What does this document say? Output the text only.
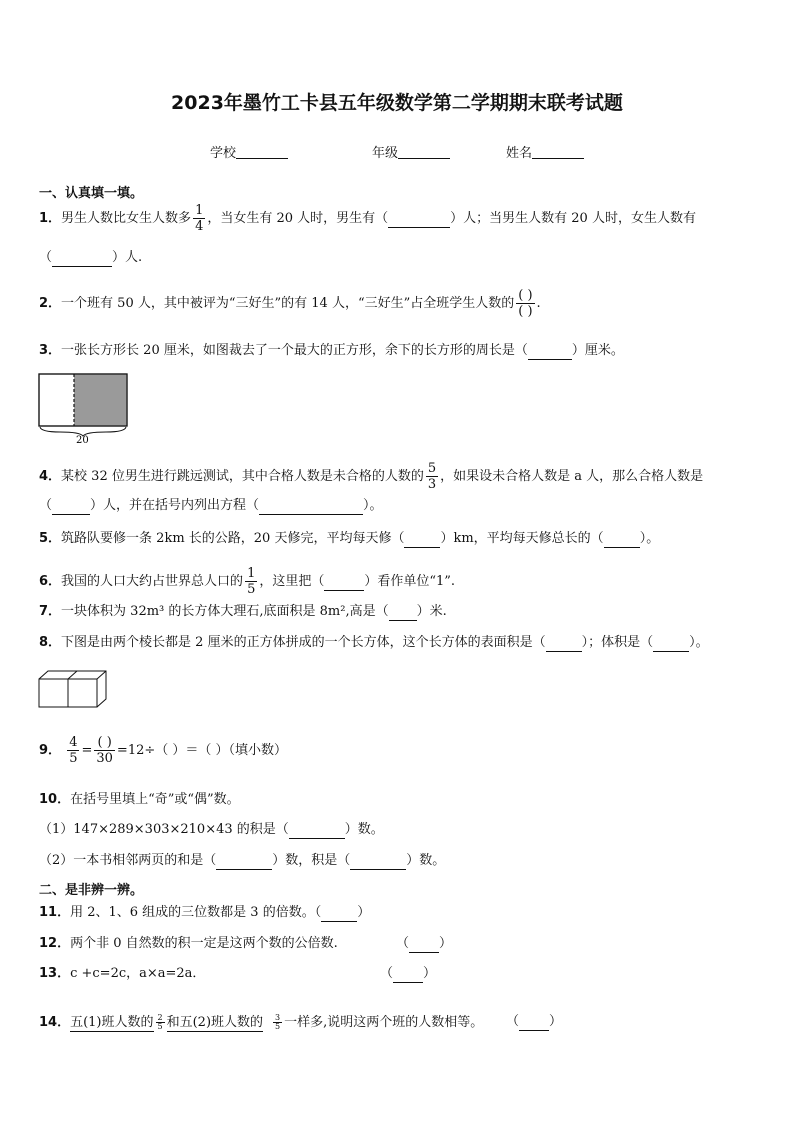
2023年墨竹工卡县五年级数学第二学期期末联考试题
学校	年级	姓名
一、认真填一填。
1．男生人数比女生人数多 $\frac{1}{4}$ ，当女生有 20 人时，男生有（	）人；当男生人数有 20 人时，女生人数有
（	）人.
2．一个班有 50 人，其中被评为“三好生”的有 14 人，“三好生”占全班学生人数的 $\frac{( )}{( )}$ .
3．一张长方形长 20 厘米，如图裁去了一个最大的正方形，余下的长方形的周长是（	）厘米。
20
4．某校 32 位男生进行跳远测试，其中合格人数是未合格的人数的 $\frac{5}{3}$ ，如果设未合格人数是 a 人，那么合格人数是
（	）人，并在括号内列出方程（	）。
5．筑路队要修一条 2km 长的公路，20 天修完，平均每天修（	）km，平均每天修总长的（	）。
6．我国的人口大约占世界总人口的 $\frac{1}{5}$ ，这里把（	）看作单位“1”.
7．一块体积为 32m³ 的长方体大理石,底面积是 8m²,高是（ ）米.
8．下图是由两个棱长都是 2 厘米的正方体拼成的一个长方体，这个长方体的表面积是（	）；体积是（	）。
9． $\frac{4}{5} = \frac{( )}{30} =12\div$（ ）＝（ ）（填小数）
10．在括号里填上“奇”或“偶”数。
（1）147×289×303×210×43 的积是（	）数。
（2）一本书相邻两页的和是（	）数，积是（	）数。
二、是非辨一辨。
11．用 2、1、6 组成的三位数都是 3 的倍数。（	）
12．两个非 0 自然数的积一定是这两个数的公倍数.	（ ）
13．c +c=2c，a×a=2a．	（ ）
14．五(1)班人数的 $\frac{2}{5}$ 和五(2)班人数的 $\frac{3}{5}$ 一样多,说明这两个班的人数相等。 （ ）
